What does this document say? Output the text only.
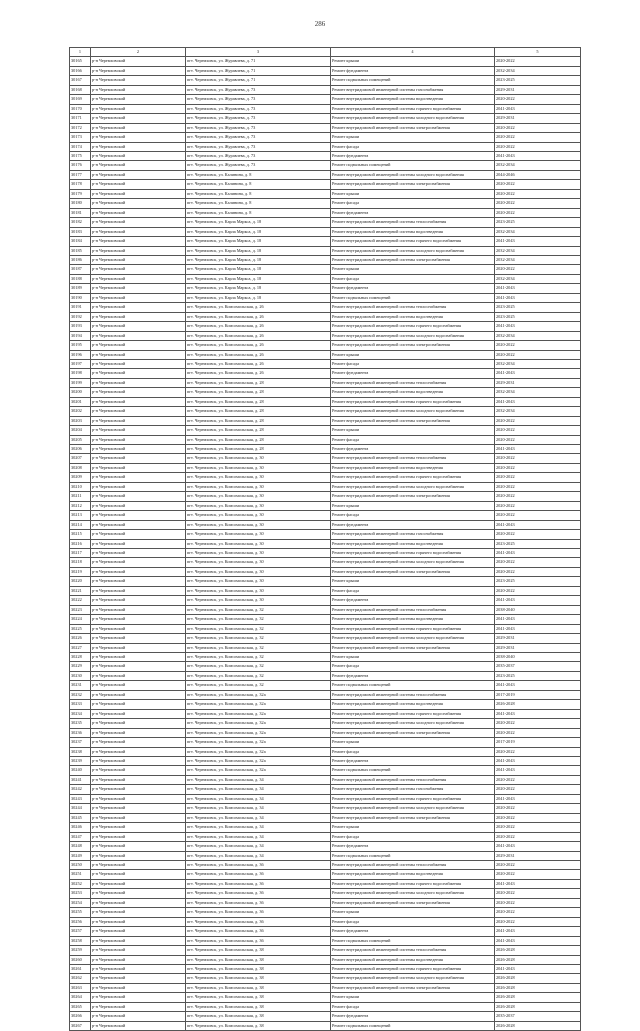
286
1	2	3	4	5
30165	р-н Черемховский	пгт. Черемховск, ул. Журавлева, д. 71	Ремонт крыши	2020-2022
30166	р-н Черемховский	пгт. Черемховск, ул. Журавлева, д. 71	Ремонт фундамента	2032-2034
30167	р-н Черемховский	пгт. Черемховск, ул. Журавлева, д. 71	Ремонт подвальных помещений	2023-2025
30168	р-н Черемховский	пгт. Черемховск, ул. Журавлева, д. 73	Ремонт внутридомовой инженерной системы газоснабжения	2029-2031
30169	р-н Черемховский	пгт. Черемховск, ул. Журавлева, д. 73	Ремонт внутридомовой инженерной системы водоотведения	2020-2022
30170	р-н Черемховский	пгт. Черемховск, ул. Журавлева, д. 73	Ремонт внутридомовой инженерной системы горячего водоснабжения	2041-2043
30171	р-н Черемховский	пгт. Черемховск, ул. Журавлева, д. 73	Ремонт внутридомовой инженерной системы холодного водоснабжения	2029-2031
30172	р-н Черемховский	пгт. Черемховск, ул. Журавлева, д. 73	Ремонт внутридомовой инженерной системы электроснабжения	2020-2022
30173	р-н Черемховский	пгт. Черемховск, ул. Журавлева, д. 73	Ремонт крыши	2020-2022
30174	р-н Черемховский	пгт. Черемховск, ул. Журавлева, д. 73	Ремонт фасада	2020-2022
30175	р-н Черемховский	пгт. Черемховск, ул. Журавлева, д. 73	Ремонт фундамента	2041-2043
30176	р-н Черемховский	пгт. Черемховск, ул. Журавлева, д. 73	Ремонт подвальных помещений	2032-2034
30177	р-н Черемховский	пгт. Черемховск, ул. Калинина, д. 8	Ремонт внутридомовой инженерной системы холодного водоснабжения	2044-2046
30178	р-н Черемховский	пгт. Черемховск, ул. Калинина, д. 8	Ремонт внутридомовой инженерной системы электроснабжения	2020-2022
30179	р-н Черемховский	пгт. Черемховск, ул. Калинина, д. 8	Ремонт крыши	2020-2022
30180	р-н Черемховский	пгт. Черемховск, ул. Калинина, д. 8	Ремонт фасада	2020-2022
30181	р-н Черемховский	пгт. Черемховск, ул. Калинина, д. 8	Ремонт фундамента	2020-2022
30182	р-н Черемховский	пгт. Черемховск, ул. Карла Маркса, д. 18	Ремонт внутридомовой инженерной системы теплоснабжения	2023-2025
30183	р-н Черемховский	пгт. Черемховск, ул. Карла Маркса, д. 18	Ремонт внутридомовой инженерной системы водоотведения	2032-2034
30184	р-н Черемховский	пгт. Черемховск, ул. Карла Маркса, д. 18	Ремонт внутридомовой инженерной системы горячего водоснабжения	2041-2043
30185	р-н Черемховский	пгт. Черемховск, ул. Карла Маркса, д. 18	Ремонт внутридомовой инженерной системы холодного водоснабжения	2032-2034
30186	р-н Черемховский	пгт. Черемховск, ул. Карла Маркса, д. 18	Ремонт внутридомовой инженерной системы электроснабжения	2032-2034
30187	р-н Черемховский	пгт. Черемховск, ул. Карла Маркса, д. 18	Ремонт крыши	2020-2022
30188	р-н Черемховский	пгт. Черемховск, ул. Карла Маркса, д. 18	Ремонт фасада	2032-2034
30189	р-н Черемховский	пгт. Черемховск, ул. Карла Маркса, д. 18	Ремонт фундамента	2041-2043
30190	р-н Черемховский	пгт. Черемховск, ул. Карла Маркса, д. 18	Ремонт подвальных помещений	2041-2043
30191	р-н Черемховский	пгт. Черемховск, ул. Комсомольская, д. 26	Ремонт внутридомовой инженерной системы теплоснабжения	2023-2025
30192	р-н Черемховский	пгт. Черемховск, ул. Комсомольская, д. 26	Ремонт внутридомовой инженерной системы водоотведения	2023-2025
30193	р-н Черемховский	пгт. Черемховск, ул. Комсомольская, д. 26	Ремонт внутридомовой инженерной системы горячего водоснабжения	2041-2043
30194	р-н Черемховский	пгт. Черемховск, ул. Комсомольская, д. 26	Ремонт внутридомовой инженерной системы холодного водоснабжения	2032-2034
30195	р-н Черемховский	пгт. Черемховск, ул. Комсомольская, д. 26	Ремонт внутридомовой инженерной системы электроснабжения	2020-2022
30196	р-н Черемховский	пгт. Черемховск, ул. Комсомольская, д. 26	Ремонт крыши	2020-2022
30197	р-н Черемховский	пгт. Черемховск, ул. Комсомольская, д. 26	Ремонт фасада	2032-2034
30198	р-н Черемховский	пгт. Черемховск, ул. Комсомольская, д. 26	Ремонт фундамента	2041-2043
30199	р-н Черемховский	пгт. Черемховск, ул. Комсомольская, д. 28	Ремонт внутридомовой инженерной системы теплоснабжения	2029-2031
30200	р-н Черемховский	пгт. Черемховск, ул. Комсомольская, д. 28	Ремонт внутридомовой инженерной системы водоотведения	2032-2034
30201	р-н Черемховский	пгт. Черемховск, ул. Комсомольская, д. 28	Ремонт внутридомовой инженерной системы горячего водоснабжения	2041-2043
30202	р-н Черемховский	пгт. Черемховск, ул. Комсомольская, д. 28	Ремонт внутридомовой инженерной системы холодного водоснабжения	2032-2034
30203	р-н Черемховский	пгт. Черемховск, ул. Комсомольская, д. 28	Ремонт внутридомовой инженерной системы электроснабжения	2020-2022
30204	р-н Черемховский	пгт. Черемховск, ул. Комсомольская, д. 28	Ремонт крыши	2020-2022
30205	р-н Черемховский	пгт. Черемховск, ул. Комсомольская, д. 28	Ремонт фасада	2020-2022
30206	р-н Черемховский	пгт. Черемховск, ул. Комсомольская, д. 28	Ремонт фундамента	2041-2043
30207	р-н Черемховский	пгт. Черемховск, ул. Комсомольская, д. 30	Ремонт внутридомовой инженерной системы теплоснабжения	2020-2022
30208	р-н Черемховский	пгт. Черемховск, ул. Комсомольская, д. 30	Ремонт внутридомовой инженерной системы водоотведения	2020-2022
30209	р-н Черемховский	пгт. Черемховск, ул. Комсомольская, д. 30	Ремонт внутридомовой инженерной системы горячего водоснабжения	2020-2022
30210	р-н Черемховский	пгт. Черемховск, ул. Комсомольская, д. 30	Ремонт внутридомовой инженерной системы холодного водоснабжения	2020-2022
30211	р-н Черемховский	пгт. Черемховск, ул. Комсомольская, д. 30	Ремонт внутридомовой инженерной системы электроснабжения	2020-2022
30212	р-н Черемховский	пгт. Черемховск, ул. Комсомольская, д. 30	Ремонт крыши	2020-2022
30213	р-н Черемховский	пгт. Черемховск, ул. Комсомольская, д. 30	Ремонт фасада	2020-2022
30214	р-н Черемховский	пгт. Черемховск, ул. Комсомольская, д. 30	Ремонт фундамента	2041-2043
30215	р-н Черемховский	пгт. Черемховск, ул. Комсомольская, д. 30	Ремонт внутридомовой инженерной системы газоснабжения	2020-2022
30216	р-н Черемховский	пгт. Черемховск, ул. Комсомольская, д. 30	Ремонт внутридомовой инженерной системы водоотведения	2023-2025
30217	р-н Черемховский	пгт. Черемховск, ул. Комсомольская, д. 30	Ремонт внутридомовой инженерной системы горячего водоснабжения	2041-2043
30218	р-н Черемховский	пгт. Черемховск, ул. Комсомольская, д. 30	Ремонт внутридомовой инженерной системы холодного водоснабжения	2020-2022
30219	р-н Черемховский	пгт. Черемховск, ул. Комсомольская, д. 30	Ремонт внутридомовой инженерной системы электроснабжения	2020-2022
30220	р-н Черемховский	пгт. Черемховск, ул. Комсомольская, д. 30	Ремонт крыши	2023-2025
30221	р-н Черемховский	пгт. Черемховск, ул. Комсомольская, д. 30	Ремонт фасада	2020-2022
30222	р-н Черемховский	пгт. Черемховск, ул. Комсомольская, д. 30	Ремонт фундамента	2041-2043
30223	р-н Черемховский	пгт. Черемховск, ул. Комсомольская, д. 32	Ремонт внутридомовой инженерной системы теплоснабжения	2038-2040
30224	р-н Черемховский	пгт. Черемховск, ул. Комсомольская, д. 32	Ремонт внутридомовой инженерной системы водоотведения	2041-2043
30225	р-н Черемховский	пгт. Черемховск, ул. Комсомольская, д. 32	Ремонт внутридомовой инженерной системы горячего водоснабжения	2041-2043
30226	р-н Черемховский	пгт. Черемховск, ул. Комсомольская, д. 32	Ремонт внутридомовой инженерной системы холодного водоснабжения	2029-2031
30227	р-н Черемховский	пгт. Черемховск, ул. Комсомольская, д. 32	Ремонт внутридомовой инженерной системы электроснабжения	2029-2031
30228	р-н Черемховский	пгт. Черемховск, ул. Комсомольская, д. 32	Ремонт крыши	2038-2040
30229	р-н Черемховский	пгт. Черемховск, ул. Комсомольская, д. 32	Ремонт фасада	2035-2037
30230	р-н Черемховский	пгт. Черемховск, ул. Комсомольская, д. 32	Ремонт фундамента	2023-2025
30231	р-н Черемховский	пгт. Черемховск, ул. Комсомольская, д. 32	Ремонт подвальных помещений	2041-2043
30232	р-н Черемховский	пгт. Черемховск, ул. Комсомольская, д. 32а	Ремонт внутридомовой инженерной системы теплоснабжения	2017-2019
30233	р-н Черемховский	пгт. Черемховск, ул. Комсомольская, д. 32а	Ремонт внутридомовой инженерной системы водоотведения	2026-2028
30234	р-н Черемховский	пгт. Черемховск, ул. Комсомольская, д. 32а	Ремонт внутридомовой инженерной системы горячего водоснабжения	2041-2043
30235	р-н Черемховский	пгт. Черемховск, ул. Комсомольская, д. 32а	Ремонт внутридомовой инженерной системы холодного водоснабжения	2020-2022
30236	р-н Черемховский	пгт. Черемховск, ул. Комсомольская, д. 32а	Ремонт внутридомовой инженерной системы электроснабжения	2020-2022
30237	р-н Черемховский	пгт. Черемховск, ул. Комсомольская, д. 32а	Ремонт крыши	2017-2019
30238	р-н Черемховский	пгт. Черемховск, ул. Комсомольская, д. 32а	Ремонт фасада	2020-2022
30239	р-н Черемховский	пгт. Черемховск, ул. Комсомольская, д. 32а	Ремонт фундамента	2041-2043
30240	р-н Черемховский	пгт. Черемховск, ул. Комсомольская, д. 32а	Ремонт подвальных помещений	2041-2043
30241	р-н Черемховский	пгт. Черемховск, ул. Комсомольская, д. 34	Ремонт внутридомовой инженерной системы теплоснабжения	2020-2022
30242	р-н Черемховский	пгт. Черемховск, ул. Комсомольская, д. 34	Ремонт внутридомовой инженерной системы газоснабжения	2020-2022
30243	р-н Черемховский	пгт. Черемховск, ул. Комсомольская, д. 34	Ремонт внутридомовой инженерной системы горячего водоснабжения	2041-2043
30244	р-н Черемховский	пгт. Черемховск, ул. Комсомольская, д. 34	Ремонт внутридомовой инженерной системы холодного водоснабжения	2020-2022
30245	р-н Черемховский	пгт. Черемховск, ул. Комсомольская, д. 34	Ремонт внутридомовой инженерной системы электроснабжения	2020-2022
30246	р-н Черемховский	пгт. Черемховск, ул. Комсомольская, д. 34	Ремонт крыши	2020-2022
30247	р-н Черемховский	пгт. Черемховск, ул. Комсомольская, д. 34	Ремонт фасада	2020-2022
30248	р-н Черемховский	пгт. Черемховск, ул. Комсомольская, д. 34	Ремонт фундамента	2041-2043
30249	р-н Черемховский	пгт. Черемховск, ул. Комсомольская, д. 34	Ремонт подвальных помещений	2029-2031
30250	р-н Черемховский	пгт. Черемховск, ул. Комсомольская, д. 36	Ремонт внутридомовой инженерной системы теплоснабжения	2020-2022
30251	р-н Черемховский	пгт. Черемховск, ул. Комсомольская, д. 36	Ремонт внутридомовой инженерной системы водоотведения	2020-2022
30252	р-н Черемховский	пгт. Черемховск, ул. Комсомольская, д. 36	Ремонт внутридомовой инженерной системы горячего водоснабжения	2041-2043
30253	р-н Черемховский	пгт. Черемховск, ул. Комсомольская, д. 36	Ремонт внутридомовой инженерной системы холодного водоснабжения	2020-2022
30254	р-н Черемховский	пгт. Черемховск, ул. Комсомольская, д. 36	Ремонт внутридомовой инженерной системы электроснабжения	2020-2022
30255	р-н Черемховский	пгт. Черемховск, ул. Комсомольская, д. 36	Ремонт крыши	2020-2022
30256	р-н Черемховский	пгт. Черемховск, ул. Комсомольская, д. 36	Ремонт фасада	2020-2022
30257	р-н Черемховский	пгт. Черемховск, ул. Комсомольская, д. 36	Ремонт фундамента	2041-2043
30258	р-н Черемховский	пгт. Черемховск, ул. Комсомольская, д. 36	Ремонт подвальных помещений	2041-2043
30259	р-н Черемховский	пгт. Черемховск, ул. Комсомольская, д. 38	Ремонт внутридомовой инженерной системы теплоснабжения	2026-2028
30260	р-н Черемховский	пгт. Черемховск, ул. Комсомольская, д. 38	Ремонт внутридомовой инженерной системы водоотведения	2026-2028
30261	р-н Черемховский	пгт. Черемховск, ул. Комсомольская, д. 38	Ремонт внутридомовой инженерной системы горячего водоснабжения	2041-2043
30262	р-н Черемховский	пгт. Черемховск, ул. Комсомольская, д. 38	Ремонт внутридомовой инженерной системы холодного водоснабжения	2026-2028
30263	р-н Черемховский	пгт. Черемховск, ул. Комсомольская, д. 38	Ремонт внутридомовой инженерной системы электроснабжения	2026-2028
30264	р-н Черемховский	пгт. Черемховск, ул. Комсомольская, д. 38	Ремонт крыши	2026-2028
30265	р-н Черемховский	пгт. Черемховск, ул. Комсомольская, д. 38	Ремонт фасада	2026-2028
30266	р-н Черемховский	пгт. Черемховск, ул. Комсомольская, д. 38	Ремонт фундамента	2035-2037
30267	р-н Черемховский	пгт. Черемховск, ул. Комсомольская, д. 38	Ремонт подвальных помещений	2026-2028
